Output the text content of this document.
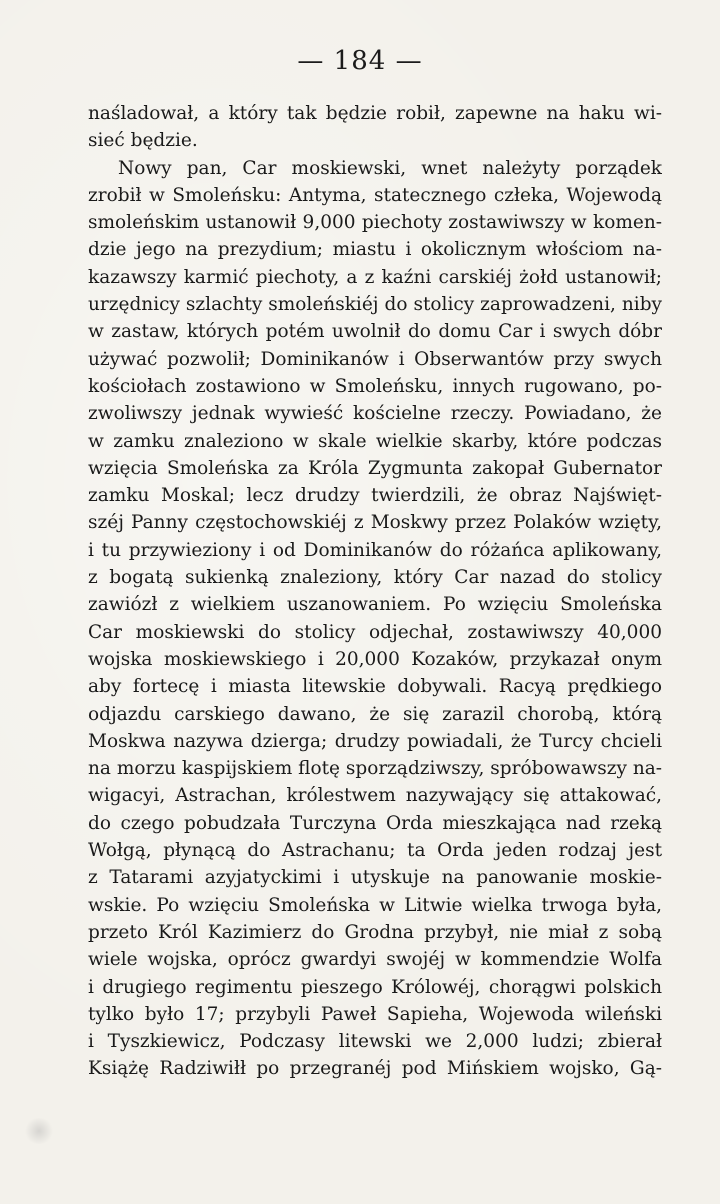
— 184 —
naśladował, a który tak będzie robił, zapewne na haku wi-
sieć będzie.
Nowy pan, Car moskiewski, wnet należyty porządek
zrobił w Smoleńsku: Antyma, statecznego człeka, Wojewodą
smoleńskim ustanowił 9,000 piechoty zostawiwszy w komen-
dzie jego na prezydium; miastu i okolicznym włościom na-
kazawszy karmić piechoty, a z kaźni carskiéj żołd ustanowił;
urzędnicy szlachty smoleńskiéj do stolicy zaprowadzeni, niby
w zastaw, których potém uwolnił do domu Car i swych dóbr
używać pozwolił; Dominikanów i Obserwantów przy swych
kościołach zostawiono w Smoleńsku, innych rugowano, po-
zwoliwszy jednak wywieść kościelne rzeczy. Powiadano, że
w zamku znaleziono w skale wielkie skarby, które podczas
wzięcia Smoleńska za Króla Zygmunta zakopał Gubernator
zamku Moskal; lecz drudzy twierdzili, że obraz Najświęt-
széj Panny częstochowskiéj z Moskwy przez Polaków wzięty,
i tu przywieziony i od Dominikanów do różańca aplikowany,
z bogatą sukienką znaleziony, który Car nazad do stolicy
zawiózł z wielkiem uszanowaniem. Po wzięciu Smoleńska
Car moskiewski do stolicy odjechał, zostawiwszy 40,000
wojska moskiewskiego i 20,000 Kozaków, przykazał onym
aby fortecę i miasta litewskie dobywali. Racyą prędkiego
odjazdu carskiego dawano, że się zarazil chorobą, którą
Moskwa nazywa dzierga; drudzy powiadali, że Turcy chcieli
na morzu kaspijskiem flotę sporządziwszy, spróbowawszy na-
wigacyi, Astrachan, królestwem nazywający się attakować,
do czego pobudzała Turczyna Orda mieszkająca nad rzeką
Wołgą, płynącą do Astrachanu; ta Orda jeden rodzaj jest
z Tatarami azyjatyckimi i utyskuje na panowanie moskie-
wskie. Po wzięciu Smoleńska w Litwie wielka trwoga była,
przeto Król Kazimierz do Grodna przybył, nie miał z sobą
wiele wojska, oprócz gwardyi swojéj w kommendzie Wolfa
i drugiego regimentu pieszego Królowéj, chorągwi polskich
tylko było 17; przybyli Paweł Sapieha, Wojewoda wileński
i Tyszkiewicz, Podczasy litewski we 2,000 ludzi; zbierał
Książę Radziwiłł po przegranéj pod Mińskiem wojsko, Gą-
